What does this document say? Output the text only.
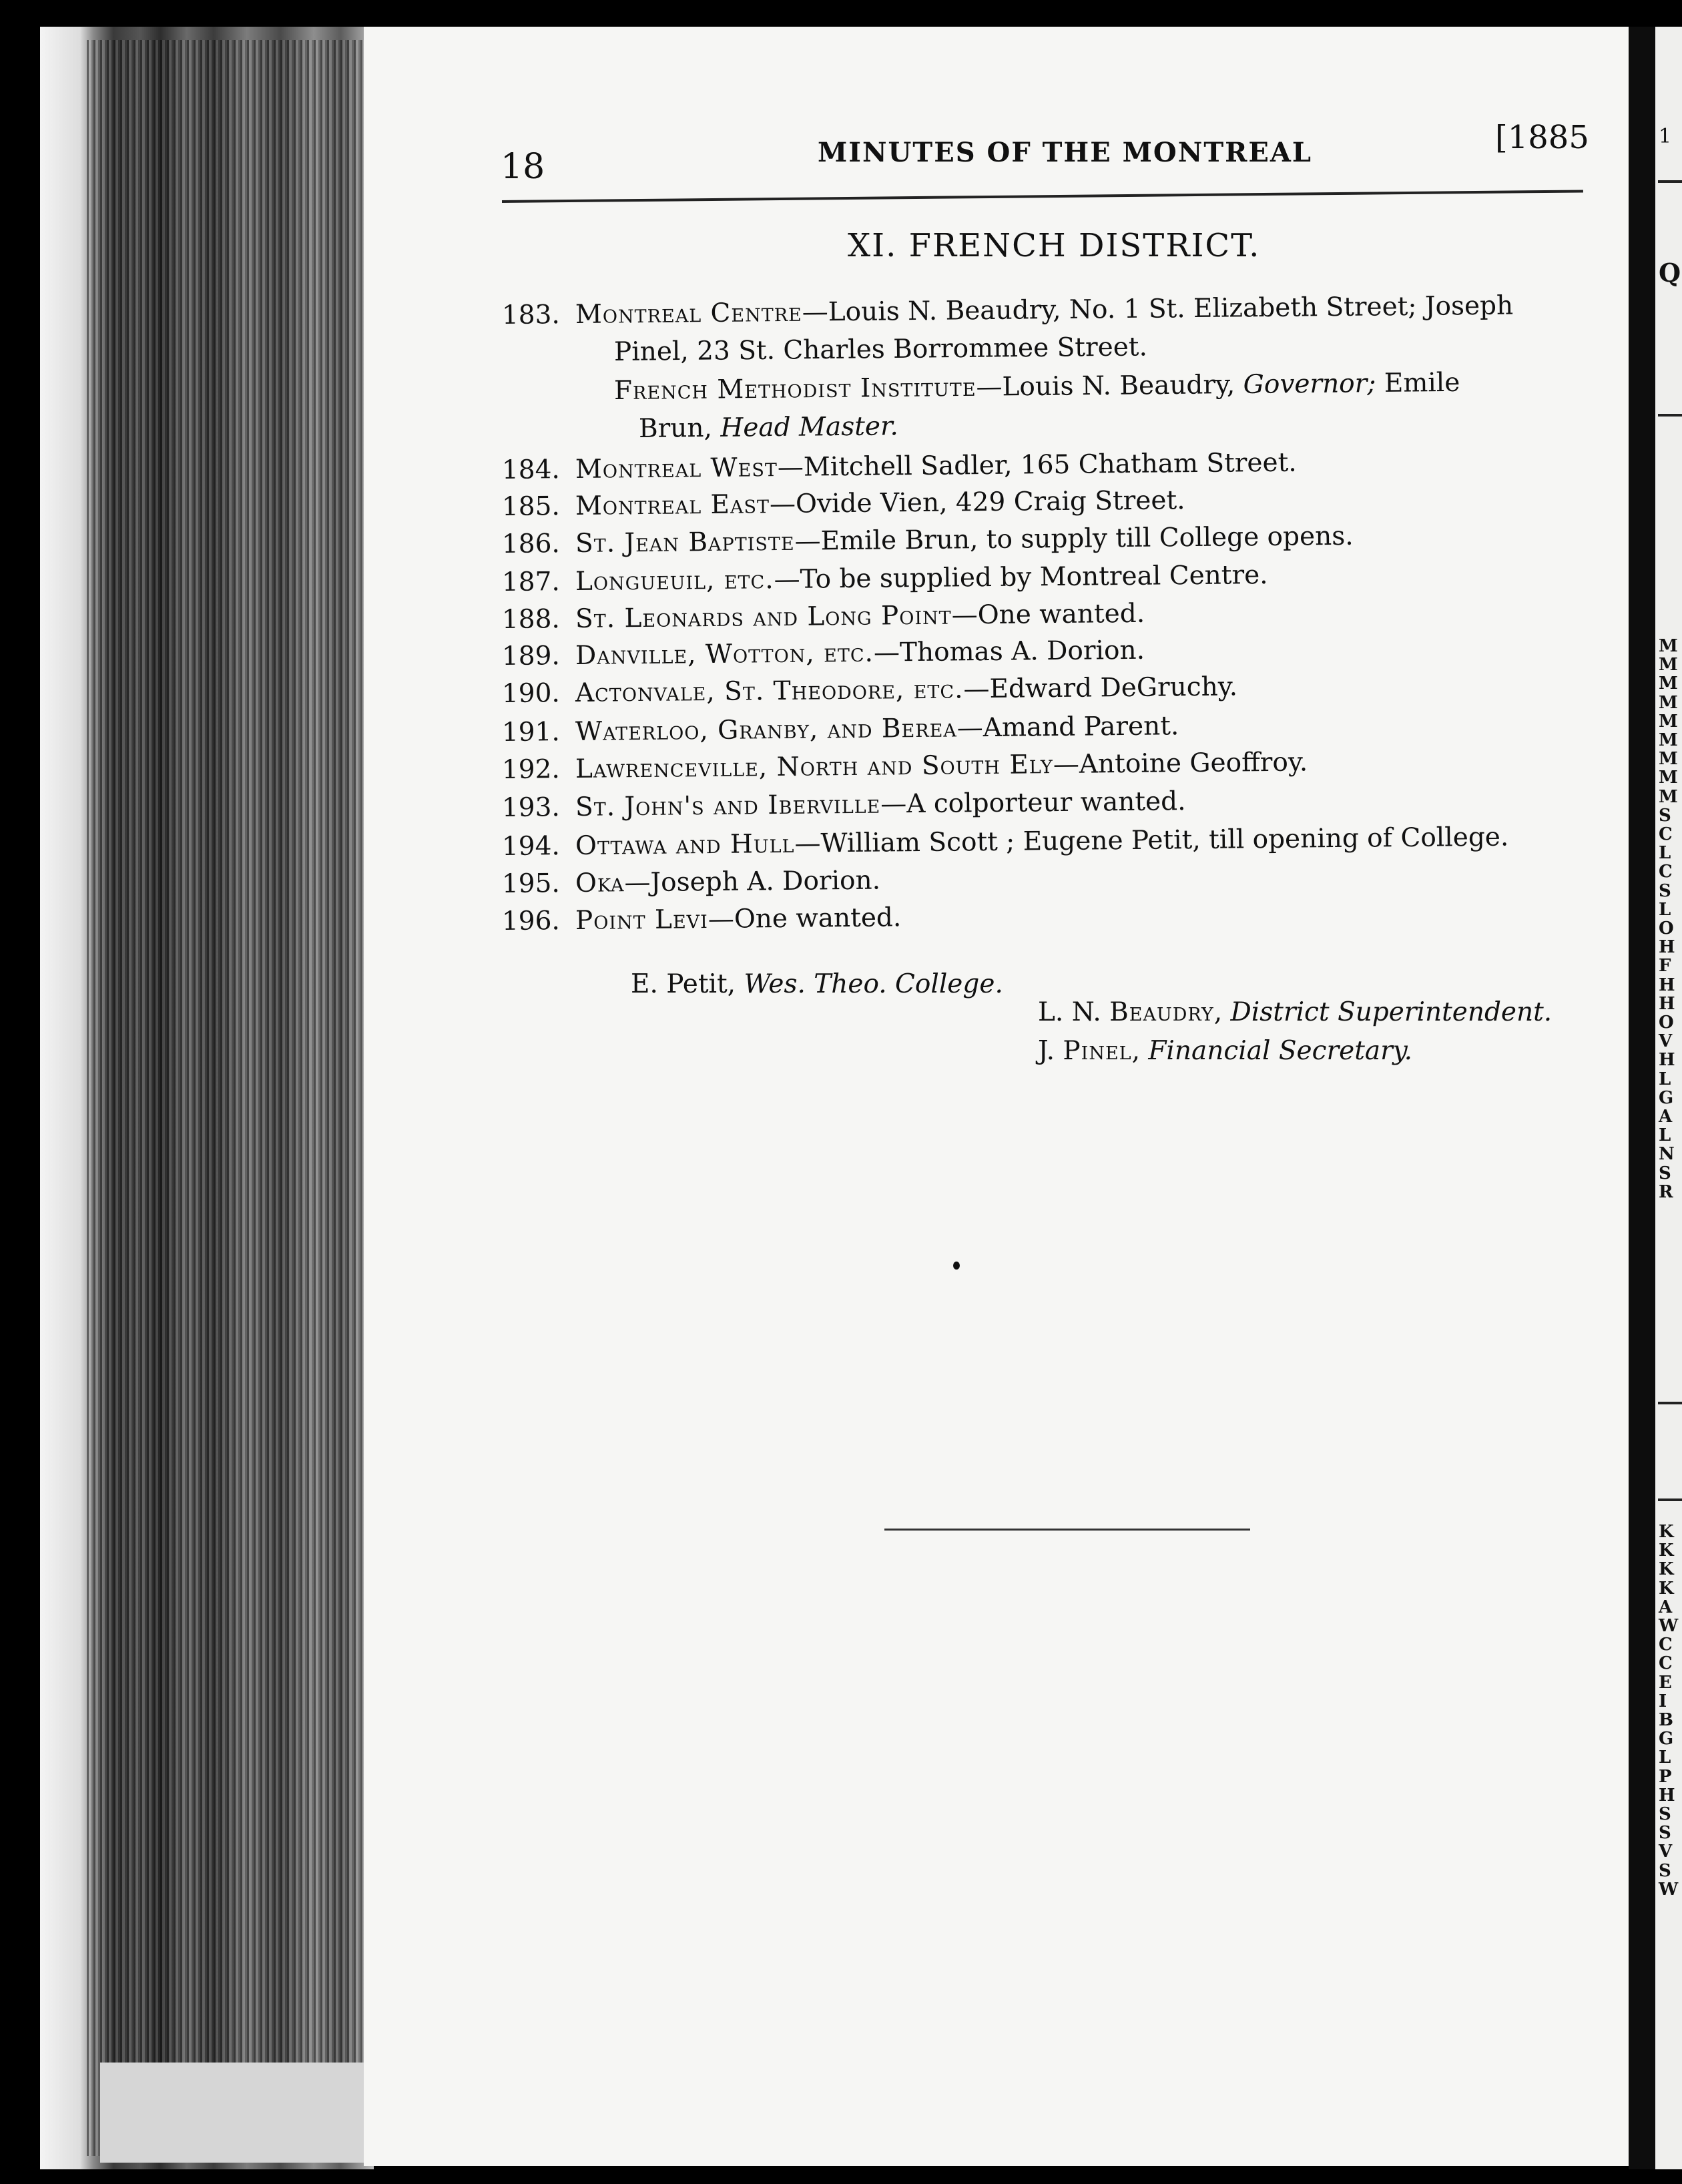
18	MINUTES OF THE MONTREAL	[1885
XI. FRENCH DISTRICT.
183. Montreal Centre—Louis N. Beaudry, No. 1 St. Elizabeth Street; Joseph
Pinel, 23 St. Charles Borrommee Street.
French Methodist Institute—Louis N. Beaudry, Governor; Emile
Brun, Head Master.
184. Montreal West—Mitchell Sadler, 165 Chatham Street.
185. Montreal East—Ovide Vien, 429 Craig Street.
186. St. Jean Baptiste—Emile Brun, to supply till College opens.
187. Longueuil, etc.—To be supplied by Montreal Centre.
188. St. Leonards and Long Point—One wanted.
189. Danville, Wotton, etc.—Thomas A. Dorion.
190. Actonvale, St. Theodore, etc.—Edward DeGruchy.
191. Waterloo, Granby, and Berea—Amand Parent.
192. Lawrenceville, North and South Ely—Antoine Geoffroy.
193. St. John's and Iberville—A colporteur wanted.
194. Ottawa and Hull—William Scott ; Eugene Petit, till opening of College.
195. Oka—Joseph A. Dorion.
196. Point Levi—One wanted.
E. Petit, Wes. Theo. College.
L. N. Beaudry, District Superintendent.
J. Pinel, Financial Secretary.
1
Q
M
M
M
M
M
M
M
M
M
S
C
L
C
S
L
O
H
F
H
H
O
V
H
L
G
A
L
N
S
R
K
K
K
K
A
W
C
C
E
I
B
G
L
P
H
S
S
V
S
W
